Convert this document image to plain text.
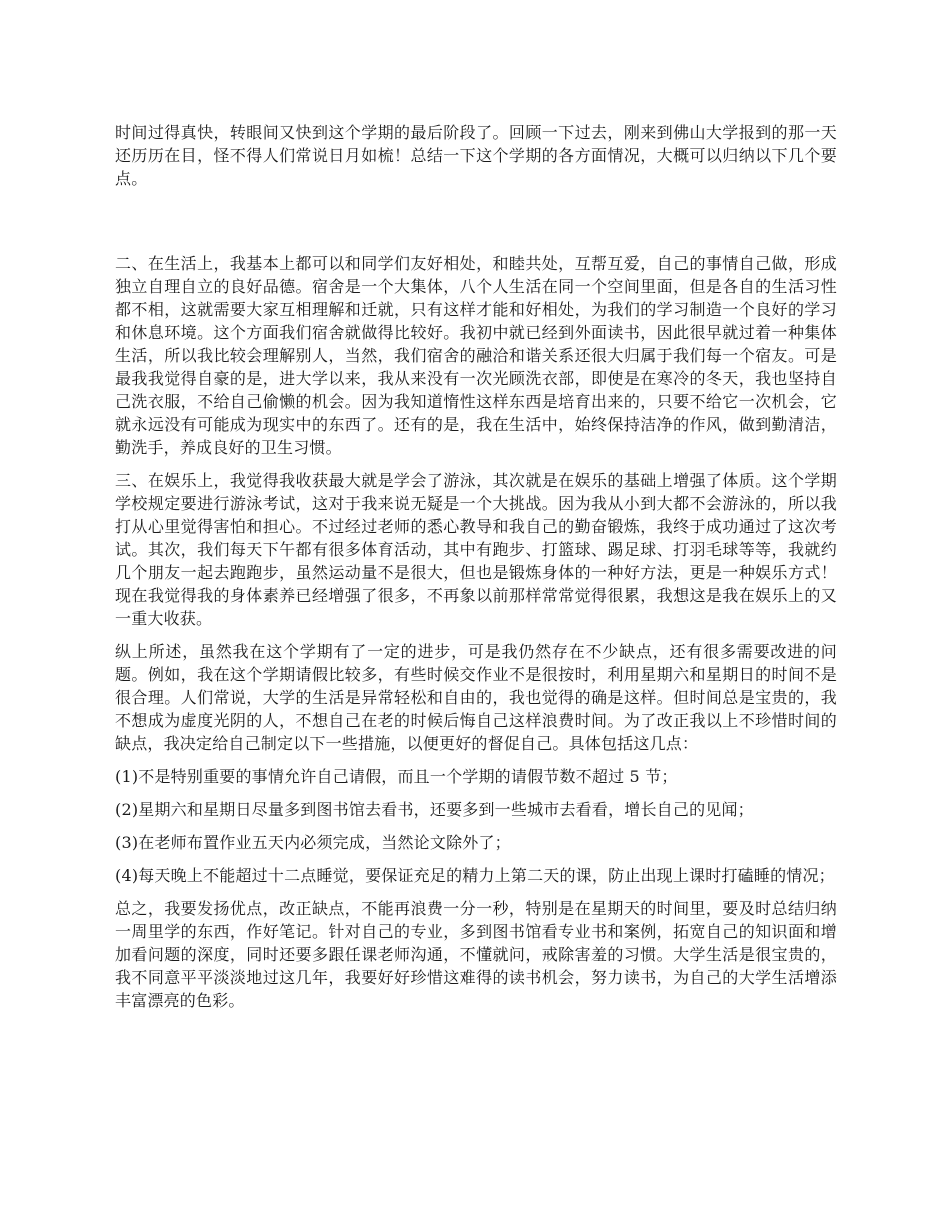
时间过得真快，转眼间又快到这个学期的最后阶段了。回顾一下过去，刚来到佛山大学报到的那一天还历历在目，怪不得人们常说日月如梳！总结一下这个学期的各方面情况，大概可以归纳以下几个要点。

二、在生活上，我基本上都可以和同学们友好相处，和睦共处，互帮互爱，自己的事情自己做，形成独立自理自立的良好品德。宿舍是一个大集体，八个人生活在同一个空间里面，但是各自的生活习性都不相，这就需要大家互相理解和迁就，只有这样才能和好相处，为我们的学习制造一个良好的学习和休息环境。这个方面我们宿舍就做得比较好。我初中就已经到外面读书，因此很早就过着一种集体生活，所以我比较会理解别人，当然，我们宿舍的融洽和谐关系还很大归属于我们每一个宿友。可是最我我觉得自豪的是，进大学以来，我从来没有一次光顾洗衣部，即使是在寒冷的冬天，我也坚持自己洗衣服，不给自己偷懒的机会。因为我知道惰性这样东西是培育出来的，只要不给它一次机会，它就永远没有可能成为现实中的东西了。还有的是，我在生活中，始终保持洁净的作风，做到勤清洁，勤洗手，养成良好的卫生习惯。

三、在娱乐上，我觉得我收获最大就是学会了游泳，其次就是在娱乐的基础上增强了体质。这个学期学校规定要进行游泳考试，这对于我来说无疑是一个大挑战。因为我从小到大都不会游泳的，所以我打从心里觉得害怕和担心。不过经过老师的悉心教导和我自己的勤奋锻炼，我终于成功通过了这次考试。其次，我们每天下午都有很多体育活动，其中有跑步、打篮球、踢足球、打羽毛球等等，我就约几个朋友一起去跑跑步，虽然运动量不是很大，但也是锻炼身体的一种好方法，更是一种娱乐方式！现在我觉得我的身体素养已经增强了很多，不再象以前那样常常觉得很累，我想这是我在娱乐上的又一重大收获。

纵上所述，虽然我在这个学期有了一定的进步，可是我仍然存在不少缺点，还有很多需要改进的问题。例如，我在这个学期请假比较多，有些时候交作业不是很按时，利用星期六和星期日的时间不是很合理。人们常说，大学的生活是异常轻松和自由的，我也觉得的确是这样。但时间总是宝贵的，我不想成为虚度光阴的人，不想自己在老的时候后悔自己这样浪费时间。为了改正我以上不珍惜时间的缺点，我决定给自己制定以下一些措施，以便更好的督促自己。具体包括这几点：

(1)不是特别重要的事情允许自己请假，而且一个学期的请假节数不超过 5 节；

(2)星期六和星期日尽量多到图书馆去看书，还要多到一些城市去看看，增长自己的见闻；

(3)在老师布置作业五天内必须完成，当然论文除外了；

(4)每天晚上不能超过十二点睡觉，要保证充足的精力上第二天的课，防止出现上课时打磕睡的情况；

总之，我要发扬优点，改正缺点，不能再浪费一分一秒，特别是在星期天的时间里，要及时总结归纳一周里学的东西，作好笔记。针对自己的专业，多到图书馆看专业书和案例，拓宽自己的知识面和增加看问题的深度，同时还要多跟任课老师沟通，不懂就问，戒除害羞的习惯。大学生活是很宝贵的，我不同意平平淡淡地过这几年，我要好好珍惜这难得的读书机会，努力读书，为自己的大学生活增添丰富漂亮的色彩。
